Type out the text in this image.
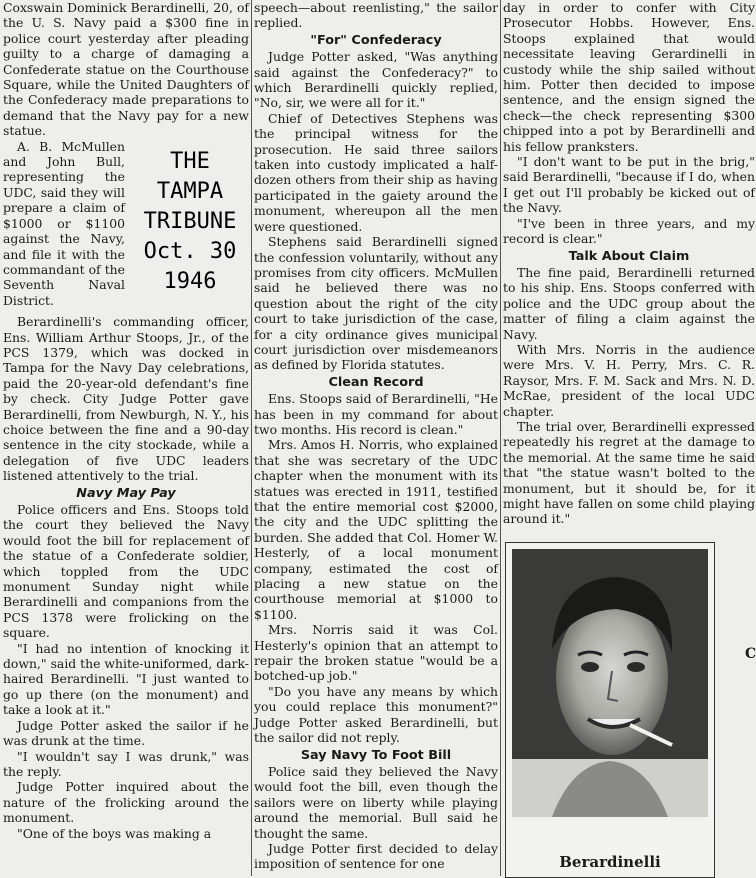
Coxswain Dominick Berardinelli, 20, of the U. S. Navy paid a $300 fine in police court yesterday after pleading guilty to a charge of damaging a Confederate statue on the Courthouse Square, while the United Daughters of the Confederacy made preparations to demand that the Navy pay for a new statue.

THE
TAMPA
TRIBUNE
Oct. 30
1946

A. B. McMullen and John Bull, representing the UDC, said they will prepare a claim of $1000 or $1100 against the Navy, and file it with the commandant of the Seventh Naval District.

Berardinelli's commanding officer, Ens. William Arthur Stoops, Jr., of the PCS 1379, which was docked in Tampa for the Navy Day celebrations, paid the 20-year-old defendant's fine by check. City Judge Potter gave Berardinelli, from Newburgh, N. Y., his choice between the fine and a 90-day sentence in the city stockade, while a delegation of five UDC leaders listened attentively to the trial.

Navy May Pay

Police officers and Ens. Stoops told the court they believed the Navy would foot the bill for replacement of the statue of a Confederate soldier, which toppled from the UDC monument Sunday night while Berardinelli and companions from the PCS 1378 were frolicking on the square.

"I had no intention of knocking it down," said the white-uniformed, dark-haired Berardinelli. "I just wanted to go up there (on the monument) and take a look at it."

Judge Potter asked the sailor if he was drunk at the time.

"I wouldn't say I was drunk," was the reply.

Judge Potter inquired about the nature of the frolicking around the monument.

"One of the boys was making a

speech—about reenlisting," the sailor replied.

"For" Confederacy

Judge Potter asked, "Was anything said against the Confederacy?" to which Berardinelli quickly replied, "No, sir, we were all for it."

Chief of Detectives Stephens was the principal witness for the prosecution. He said three sailors taken into custody implicated a half-dozen others from their ship as having participated in the gaiety around the monument, whereupon all the men were questioned.

Stephens said Berardinelli signed the confession voluntarily, without any promises from city officers. McMullen said he believed there was no question about the right of the city court to take jurisdiction of the case, for a city ordinance gives municipal court jurisdiction over misdemeanors as defined by Florida statutes.

Clean Record

Ens. Stoops said of Berardinelli, "He has been in my command for about two months. His record is clean."

Mrs. Amos H. Norris, who explained that she was secretary of the UDC chapter when the monument with its statues was erected in 1911, testified that the entire memorial cost $2000, the city and the UDC splitting the burden. She added that Col. Homer W. Hesterly, of a local monument company, estimated the cost of placing a new statue on the courthouse memorial at $1000 to $1100.

Mrs. Norris said it was Col. Hesterly's opinion that an attempt to repair the broken statue "would be a botched-up job."

"Do you have any means by which you could replace this monument?" Judge Potter asked Berardinelli, but the sailor did not reply.

Say Navy To Foot Bill

Police said they believed the Navy would foot the bill, even though the sailors were on liberty while playing around the memorial. Bull said he thought the same.

Judge Potter first decided to delay imposition of sentence for one

day in order to confer with City Prosecutor Hobbs. However, Ens. Stoops explained that would necessitate leaving Gerardinelli in custody while the ship sailed without him. Potter then decided to impose sentence, and the ensign signed the check—the check representing $300 chipped into a pot by Berardinelli and his fellow pranksters.

"I don't want to be put in the brig," said Berardinelli, "because if I do, when I get out I'll probably be kicked out of the Navy.

"I've been in three years, and my record is clear."

Talk About Claim

The fine paid, Berardinelli returned to his ship. Ens. Stoops conferred with police and the UDC group about the matter of filing a claim against the Navy.

With Mrs. Norris in the audience were Mrs. V. H. Perry, Mrs. C. R. Raysor, Mrs. F. M. Sack and Mrs. N. D. McRae, president of the local UDC chapter.

The trial over, Berardinelli expressed repeatedly his regret at the damage to the memorial. At the same time he said that "the statue wasn't bolted to the monument, but it should be, for it might have fallen on some child playing around it."

Berardinelli
C
